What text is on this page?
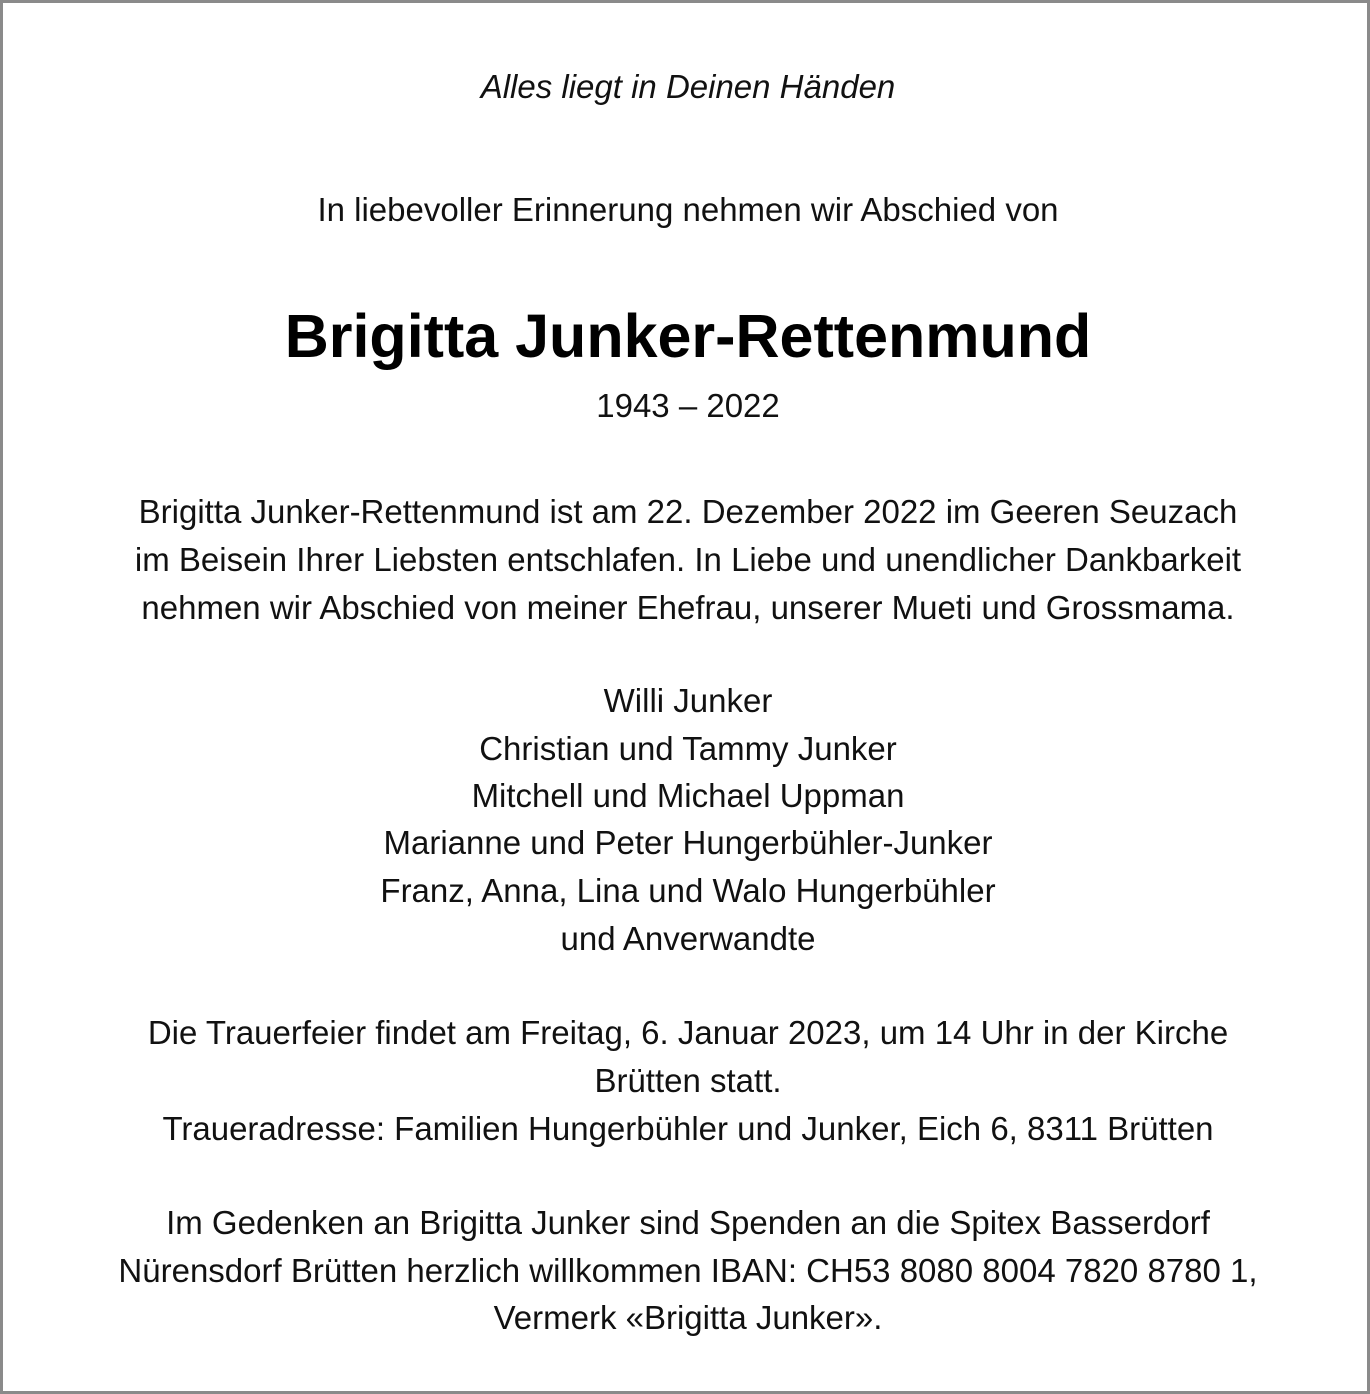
Alles liegt in Deinen Händen
In liebevoller Erinnerung nehmen wir Abschied von
Brigitta Junker-Rettenmund
1943 – 2022
Brigitta Junker-Rettenmund ist am 22. Dezember 2022 im Geeren Seuzach
im Beisein Ihrer Liebsten entschlafen. In Liebe und unendlicher Dankbarkeit
nehmen wir Abschied von meiner Ehefrau, unserer Mueti und Grossmama.
Willi Junker
Christian und Tammy Junker
Mitchell und Michael Uppman
Marianne und Peter Hungerbühler-Junker
Franz, Anna, Lina und Walo Hungerbühler
und Anverwandte
Die Trauerfeier findet am Freitag, 6. Januar 2023, um 14 Uhr in der Kirche
Brütten statt.
Traueradresse: Familien Hungerbühler und Junker, Eich 6, 8311 Brütten
Im Gedenken an Brigitta Junker sind Spenden an die Spitex Basserdorf
Nürensdorf Brütten herzlich willkommen IBAN: CH53 8080 8004 7820 8780 1,
Vermerk «Brigitta Junker».
